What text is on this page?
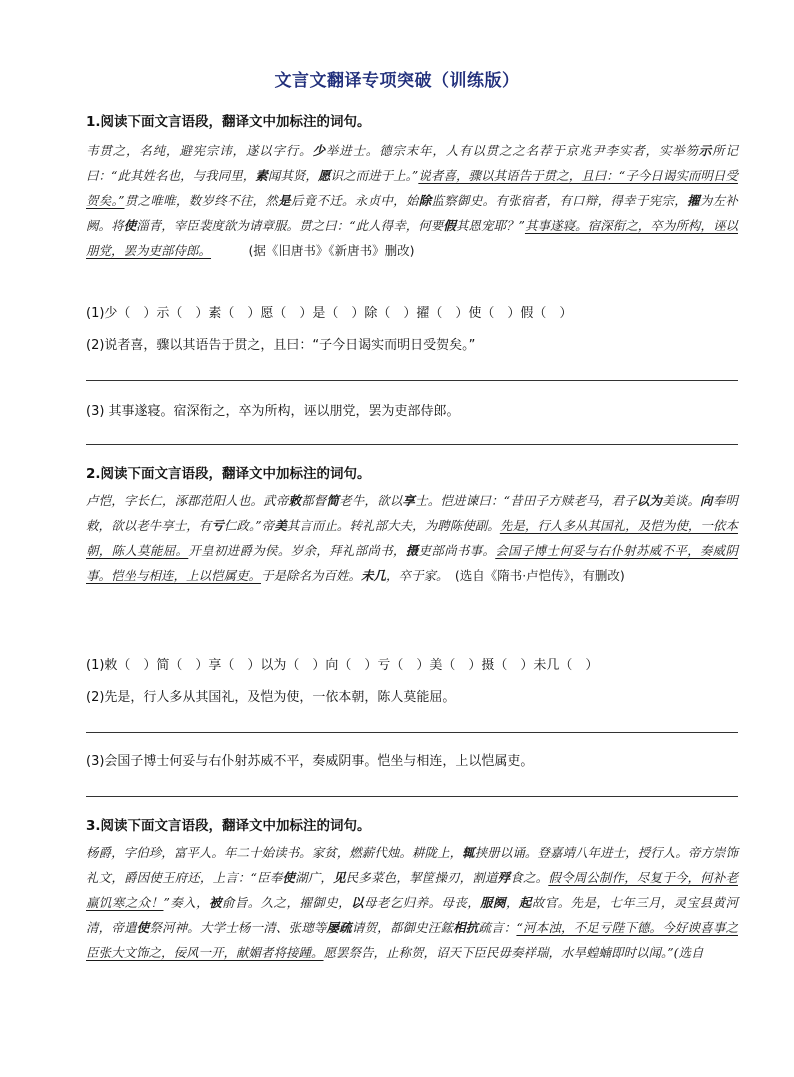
文言文翻译专项突破（训练版）
1.阅读下面文言语段，翻译文中加标注的词句。
韦贯之，名纯，避宪宗讳，遂以字行。少举进士。德宗末年，人有以贯之之名荐于京兆尹李实者，实举笏示所记曰：“此其姓名也，与我同里，素闻其贤，愿识之而进于上。”说者喜，骤以其语告于贯之，且曰：“子今日谒实而明日受贺矣。”贯之唯唯，数岁终不往，然是后竟不迁。永贞中，始除监察御史。有张宿者，有口辩，得幸于宪宗，擢为左补阙。将使淄青，宰臣裴度欲为请章服。贯之曰：“此人得幸，何要假其恩宠耶？”其事遂寝。宿深衔之，卒为所构，诬以朋党，罢为吏部侍郎。   	(据《旧唐书》《新唐书》删改)
(1)少（　）示（　）素（　）愿（　）是（　）除（　）擢（　）使（　）假（　）
(2)说者喜，骤以其语告于贯之，且曰：“子今日谒实而明日受贺矣。”
(3) 其事遂寝。宿深衔之，卒为所构，诬以朋党，罢为吏部侍郎。
2.阅读下面文言语段，翻译文中加标注的词句。
卢恺，字长仁，涿郡范阳人也。武帝敕都督简老牛，欲以享士。恺进谏曰：“昔田子方赎老马，君子以为美谈。向奉明敕，欲以老牛享士，有亏仁政。”帝美其言而止。转礼部大夫，为聘陈使副。先是，行人多从其国礼，及恺为使，一依本朝，陈人莫能屈。开皇初进爵为侯。岁余，拜礼部尚书，摄吏部尚书事。会国子博士何妥与右仆射苏威不平，奏威阴事。恺坐与相连，上以恺属吏。于是除名为百姓。未几，卒于家。  (选自《隋书·卢恺传》，有删改)
(1)敕（　）简（　）享（　）以为（　）向（　）亏（　）美（　）摄（　）未几（　）
(2)先是，行人多从其国礼，及恺为使，一依本朝，陈人莫能屈。
(3)会国子博士何妥与右仆射苏威不平，奏威阴事。恺坐与相连，上以恺属吏。
3.阅读下面文言语段，翻译文中加标注的词句。
杨爵，字伯珍，富平人。年二十始读书。家贫，燃薪代烛。耕陇上，辄挟册以诵。登嘉靖八年进士，授行人。帝方崇饰礼文，爵因使王府还，上言：“臣奉使湖广，见民多菜色，挈筐操刃，割道殍食之。假令周公制作，尽复于今，何补老羸饥寒之众！”奏入，被俞旨。久之，擢御史，以母老乞归养。母丧，服阕，起故官。先是，七年三月，灵宝县黄河清，帝遣使祭河神。大学士杨一清、张璁等屡疏请贺，都御史汪鋐相抗疏言：“河本浊，不足亏陛下德。今好谀喜事之臣张大文饰之，佞风一开，献媚者将接踵。愿罢祭告，止称贺，诏天下臣民毋奏祥瑞，水旱蝗蝻即时以闻。”(选自
